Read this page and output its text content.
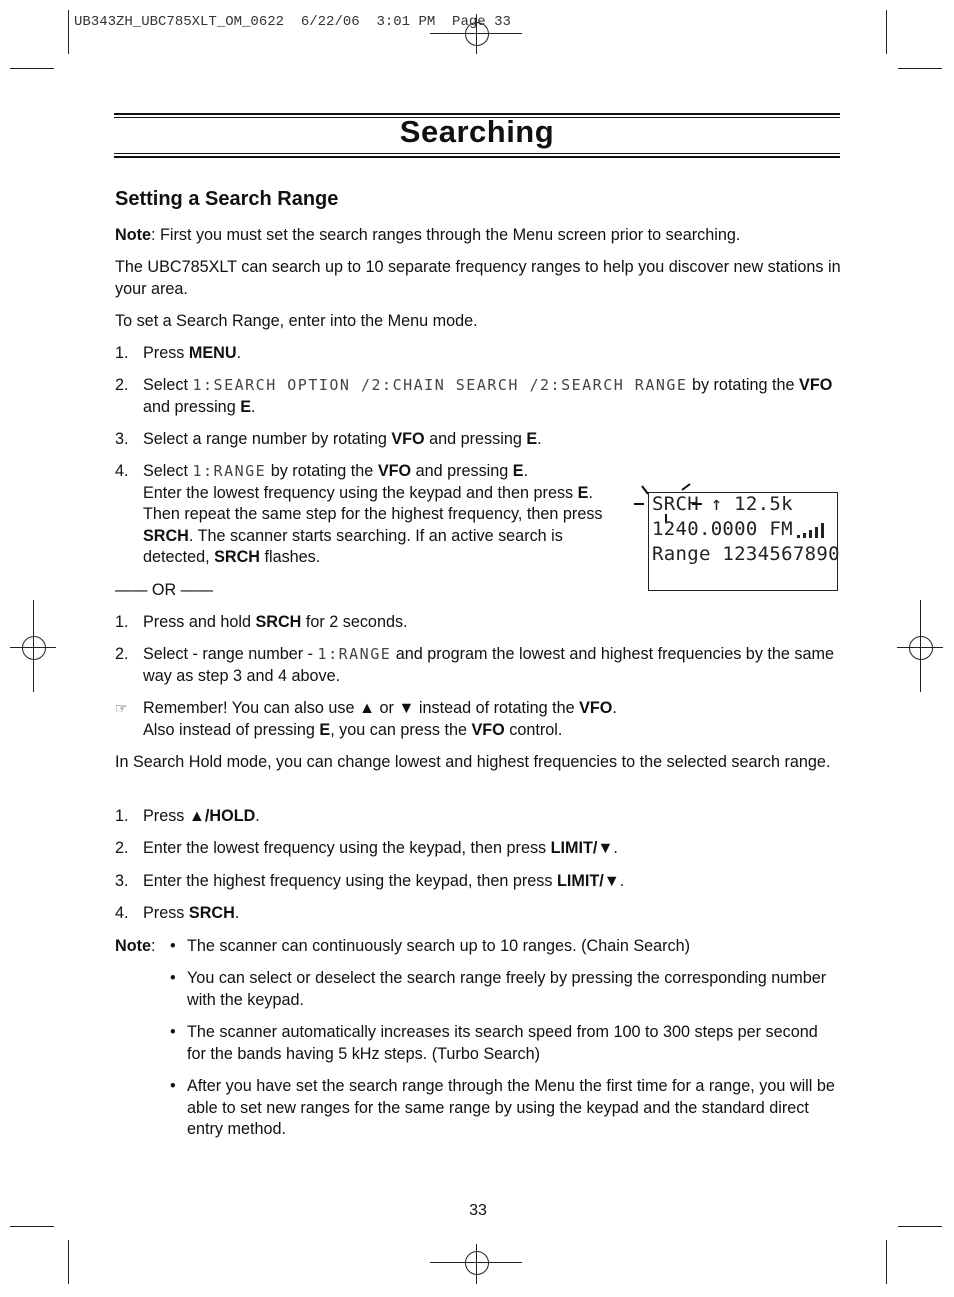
UB343ZH_UBC785XLT_OM_0622  6/22/06  3:01 PM  Page 33
Searching
Setting a Search Range
Note: First you must set the search ranges through the Menu screen prior to searching.
The UBC785XLT can search up to 10 separate frequency ranges to help you discover new stations in your area.
To set a Search Range, enter into the Menu mode.
1. Press MENU.
2. Select 1:SEARCH OPTION /2:CHAIN SEARCH /2:SEARCH RANGE by rotating the VFO and pressing E.
3. Select a range number by rotating VFO and pressing E.
4. Select 1:RANGE by rotating the VFO and pressing E.
Enter the lowest frequency using the keypad and then press E. Then repeat the same step for the highest frequency, then press SRCH. The scanner starts searching. If an active search is detected, SRCH flashes.
SRCH ↑ 12.5k
1240.0000 FM
Range 1234567890
—— OR ——
1. Press and hold SRCH for 2 seconds.
2. Select - range number - 1:RANGE and program the lowest and highest frequencies by the same way as step 3 and 4 above.
☞ Remember! You can also use ▲ or ▼ instead of rotating the VFO.
Also instead of pressing E, you can press the VFO control.
In Search Hold mode, you can change lowest and highest frequencies to the selected search range.
1. Press ▲/HOLD.
2. Enter the lowest frequency using the keypad, then press LIMIT/▼.
3. Enter the highest frequency using the keypad, then press LIMIT/▼.
4. Press SRCH.
Note: • The scanner can continuously search up to 10 ranges. (Chain Search)
• You can select or deselect the search range freely by pressing the corresponding number with the keypad.
• The scanner automatically increases its search speed from 100 to 300 steps per second for the bands having 5 kHz steps. (Turbo Search)
• After you have set the search range through the Menu the first time for a range, you will be able to set new ranges for the same range by using the keypad and the standard direct entry method.
33
